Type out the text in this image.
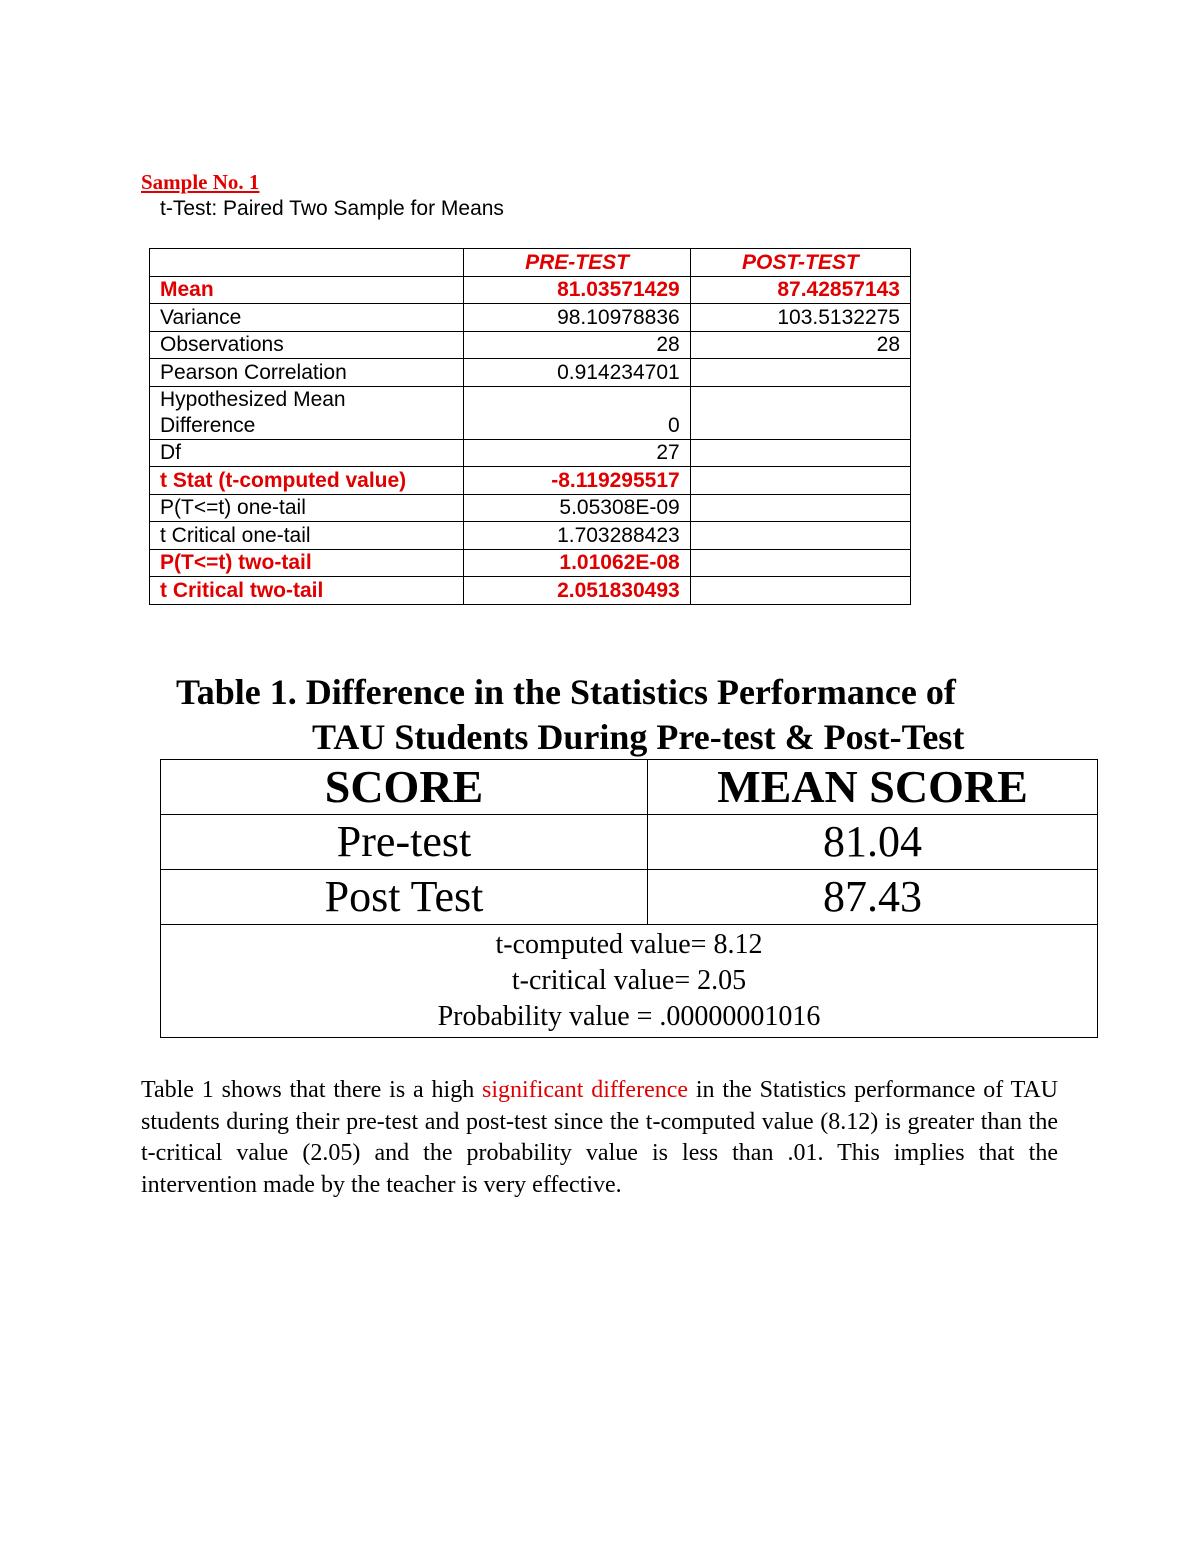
Sample No. 1

t-Test: Paired Two Sample for Means

	PRE-TEST	POST-TEST
Mean	81.03571429	87.42857143
Variance	98.10978836	103.5132275
Observations	28	28
Pearson Correlation	0.914234701	

Hypothesized Mean
Difference	0	
Df	27	
t Stat (t-computed value)	-8.119295517	
P(T<=t) one-tail	5.05308E-09	
t Critical one-tail	1.703288423	
P(T<=t) two-tail	1.01062E-08	
t Critical two-tail	2.051830493	
Table 1. Difference in the Statistics Performance of
TAU Students During Pre-test & Post-Test
SCORE	MEAN SCORE
Pre-test	81.04
Post Test	87.43

t-computed value= 8.12
t-critical value= 2.05
Probability value = .00000001016	

Table 1 shows that there is a high significant difference in the Statistics performance of TAU students during their pre-test and post-test since the t-computed value (8.12) is greater than the t-critical value (2.05) and the probability value is less than .01. This implies that the intervention made by the teacher is very effective.
